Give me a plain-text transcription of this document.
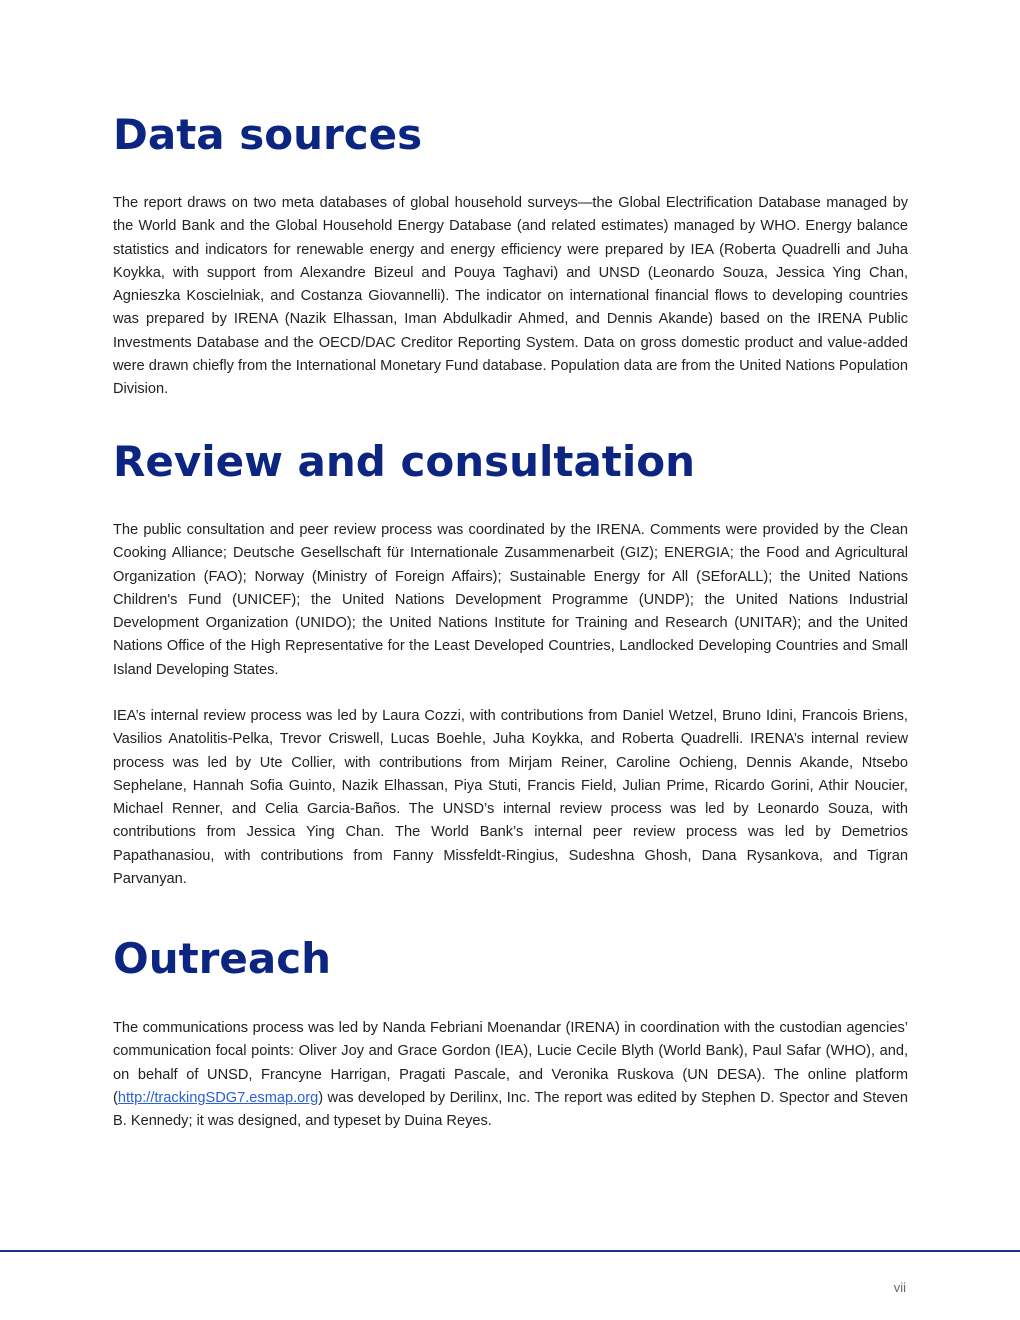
Data sources

The report draws on two meta databases of global household surveys—the Global Electrification Database managed by the World Bank and the Global Household Energy Database (and related estimates) managed by WHO. Energy balance statistics and indicators for renewable energy and energy efficiency were prepared by IEA (Roberta Quadrelli and Juha Koykka, with support from Alexandre Bizeul and Pouya Taghavi) and UNSD (Leonardo Souza, Jessica Ying Chan, Agnieszka Koscielniak, and Costanza Giovannelli). The indicator on international financial flows to developing countries was prepared by IRENA (Nazik Elhassan, Iman Abdulkadir Ahmed, and Dennis Akande) based on the IRENA Public Investments Database and the OECD/DAC Creditor Reporting System. Data on gross domestic product and value-added were drawn chiefly from the International Monetary Fund database. Population data are from the United Nations Population Division.

Review and consultation

The public consultation and peer review process was coordinated by the IRENA. Comments were provided by the Clean Cooking Alliance; Deutsche Gesellschaft für Internationale Zusammenarbeit (GIZ); ENERGIA; the Food and Agricultural Organization (FAO); Norway (Ministry of Foreign Affairs); Sustainable Energy for All (SEforALL); the United Nations Children's Fund (UNICEF); the United Nations Development Programme (UNDP); the United Nations Industrial Development Organization (UNIDO); the United Nations Institute for Training and Research (UNITAR); and the United Nations Office of the High Representative for the Least Developed Countries, Landlocked Developing Countries and Small Island Developing States.

IEA’s internal review process was led by Laura Cozzi, with contributions from Daniel Wetzel, Bruno Idini, Francois Briens, Vasilios Anatolitis-Pelka, Trevor Criswell, Lucas Boehle, Juha Koykka, and Roberta Quadrelli. IRENA’s internal review process was led by Ute Collier, with contributions from Mirjam Reiner, Caroline Ochieng, Dennis Akande, Ntsebo Sephelane, Hannah Sofia Guinto, Nazik Elhassan, Piya Stuti, Francis Field, Julian Prime, Ricardo Gorini, Athir Noucier, Michael Renner, and Celia Garcia-Baños. The UNSD’s internal review process was led by Leonardo Souza, with contributions from Jessica Ying Chan. The World Bank’s internal peer review process was led by Demetrios Papathanasiou, with contributions from Fanny Missfeldt-Ringius, Sudeshna Ghosh, Dana Rysankova, and Tigran Parvanyan.

Outreach

The communications process was led by Nanda Febriani Moenandar (IRENA) in coordination with the custodian agencies’ communication focal points: Oliver Joy and Grace Gordon (IEA), Lucie Cecile Blyth (World Bank), Paul Safar (WHO), and, on behalf of UNSD, Francyne Harrigan, Pragati Pascale, and Veronika Ruskova (UN DESA). The online platform (http://trackingSDG7.esmap.org) was developed by Derilinx, Inc. The report was edited by Stephen D. Spector and Steven B. Kennedy; it was designed, and typeset by Duina Reyes.

vii
